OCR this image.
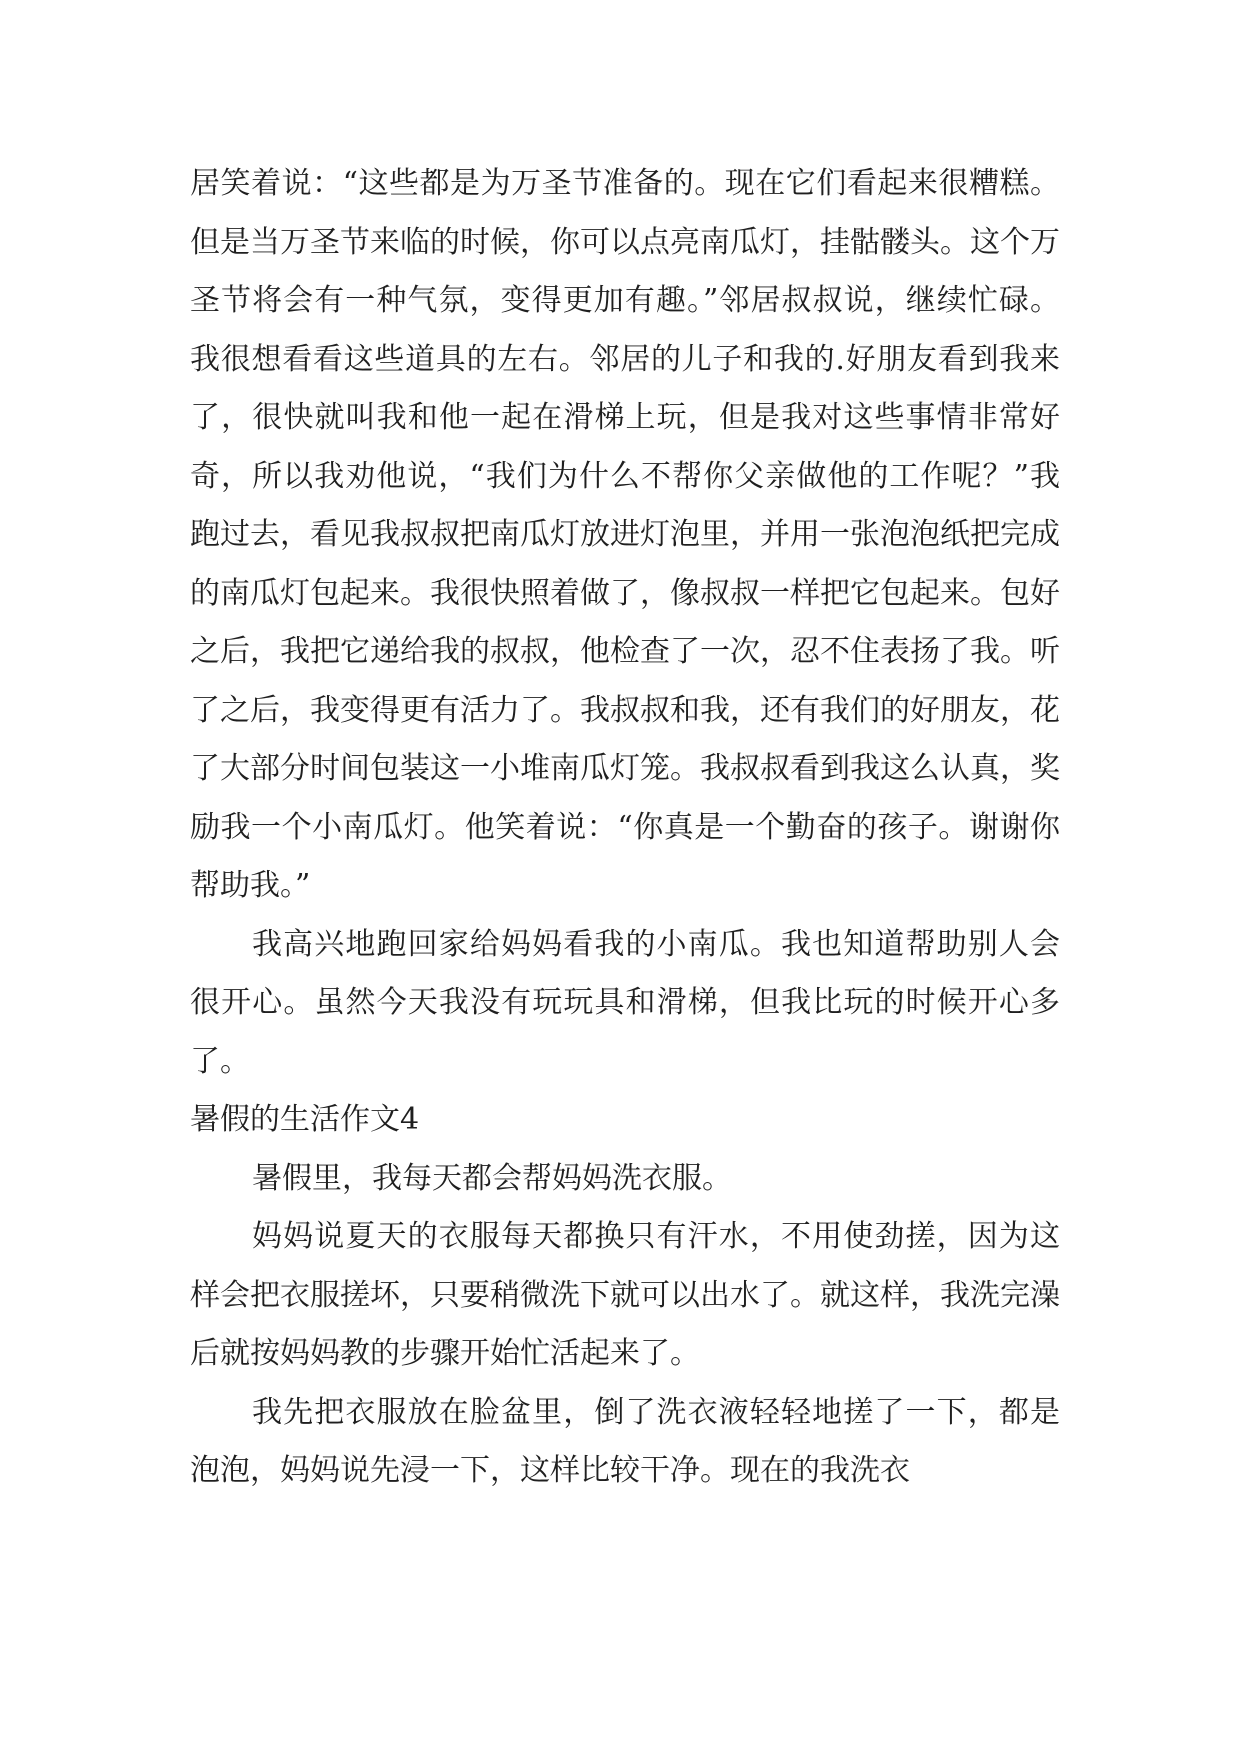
居笑着说：“这些都是为万圣节准备的。现在它们看起来很糟糕。但是当万圣节来临的时候，你可以点亮南瓜灯，挂骷髅头。这个万圣节将会有一种气氛，变得更加有趣。”邻居叔叔说，继续忙碌。我很想看看这些道具的左右。邻居的儿子和我的.好朋友看到我来了，很快就叫我和他一起在滑梯上玩，但是我对这些事情非常好奇，所以我劝他说，“我们为什么不帮你父亲做他的工作呢？”我跑过去，看见我叔叔把南瓜灯放进灯泡里，并用一张泡泡纸把完成的南瓜灯包起来。我很快照着做了，像叔叔一样把它包起来。包好之后，我把它递给我的叔叔，他检查了一次，忍不住表扬了我。听了之后，我变得更有活力了。我叔叔和我，还有我们的好朋友，花了大部分时间包装这一小堆南瓜灯笼。我叔叔看到我这么认真，奖励我一个小南瓜灯。他笑着说：“你真是一个勤奋的孩子。谢谢你帮助我。”

我高兴地跑回家给妈妈看我的小南瓜。我也知道帮助别人会很开心。虽然今天我没有玩玩具和滑梯，但我比玩的时候开心多了。

暑假的生活作文4

暑假里，我每天都会帮妈妈洗衣服。

妈妈说夏天的衣服每天都换只有汗水，不用使劲搓，因为这样会把衣服搓坏，只要稍微洗下就可以出水了。就这样，我洗完澡后就按妈妈教的步骤开始忙活起来了。

我先把衣服放在脸盆里，倒了洗衣液轻轻地搓了一下，都是泡泡，妈妈说先浸一下，这样比较干净。现在的我洗衣
